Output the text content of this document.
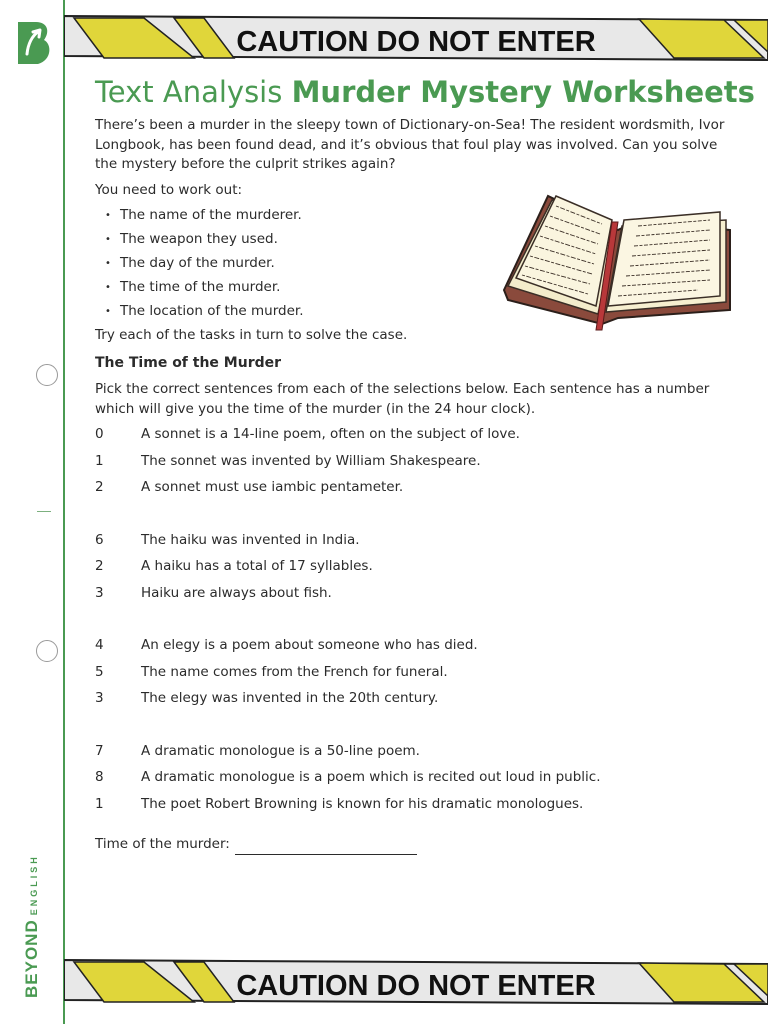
BEYONDENGLISH
CAUTION DO NOT ENTER
Text Analysis Murder Mystery Worksheets

There’s been a murder in the sleepy town of Dictionary-on-Sea! The resident wordsmith, Ivor Longbook, has been found dead, and it’s obvious that foul play was involved. Can you solve the mystery before the culprit strikes again?

You need to work out:

• The name of the murderer.
• The weapon they used.
• The day of the murder.
• The time of the murder.
• The location of the murder.

Try each of the tasks in turn to solve the case.

The Time of the Murder

Pick the correct sentences from each of the selections below. Each sentence has a number which will give you the time of the murder (in the 24 hour clock).

0	A sonnet is a 14-line poem, often on the subject of love.
1	The sonnet was invented by William Shakespeare.
2	A sonnet must use iambic pentameter.
6	The haiku was invented in India.
2	A haiku has a total of 17 syllables.
3	Haiku are always about fish.
4	An elegy is a poem about someone who has died.
5	The name comes from the French for funeral.
3	The elegy was invented in the 20th century.
7	A dramatic monologue is a 50-line poem.
8	A dramatic monologue is a poem which is recited out loud in public.
1	The poet Robert Browning is known for his dramatic monologues.
Time of the murder:
CAUTION DO NOT ENTER
